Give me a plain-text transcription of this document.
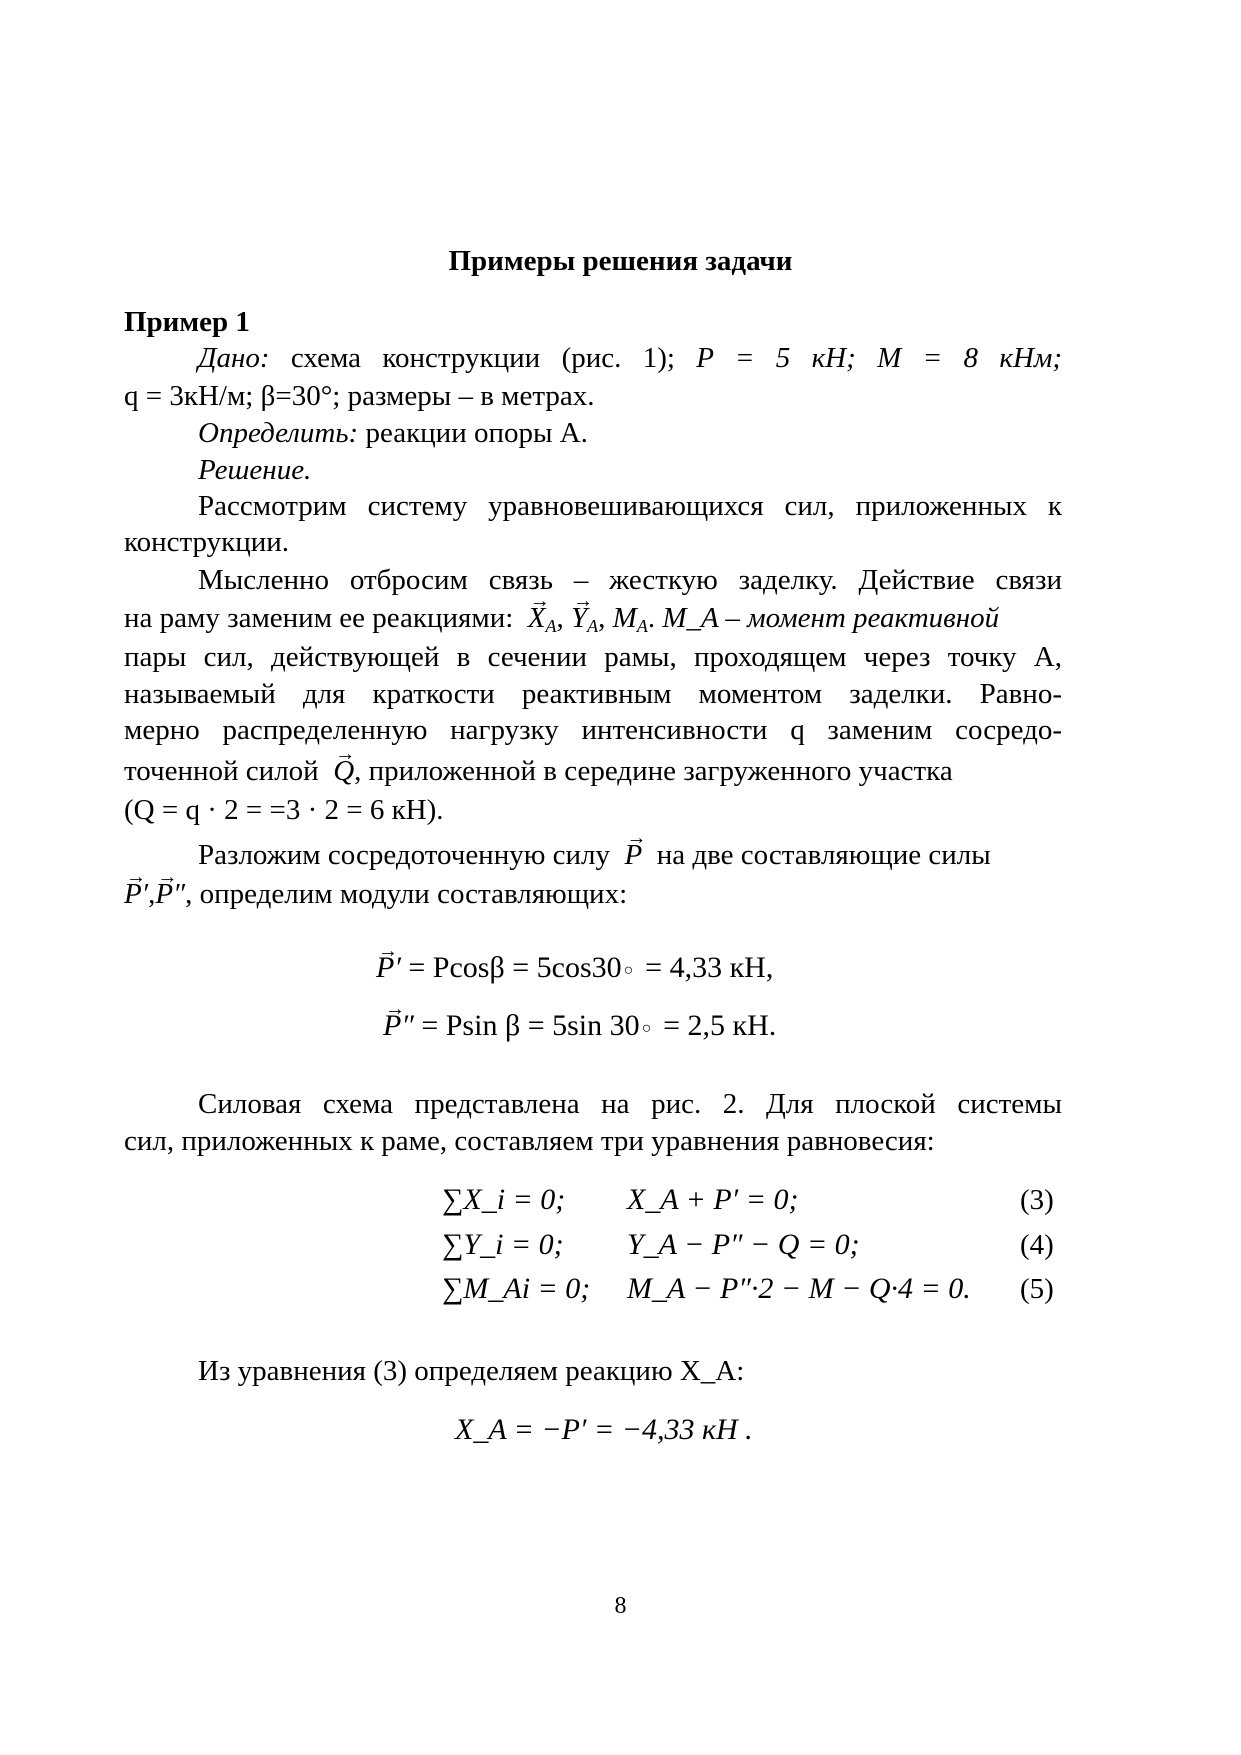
Примеры решения задачи
Пример 1
Дано: схема конструкции (рис. 1); P = 5 кН; M = 8 кНм;
q = 3кН/м; β=30°; размеры – в метрах.
Определить: реакции опоры A.
Решение.
Рассмотрим систему уравновешивающихся сил, приложенных к
конструкции.
Мысленно отбросим связь – жесткую заделку. Действие связи
на раму заменим ее реакциями: → $X_A$, → $Y_A$, $M_A$. M_A – момент реактивной
пары сил, действующей в сечении рамы, проходящем через точку A,
называемый для краткости реактивным моментом заделки. Равно-
мерно распределенную нагрузку интенсивности q заменим сосредо-
точенной силой → Q, приложенной в середине загруженного участка
(Q = q · 2 = =3 · 2 = 6 кН).
Разложим сосредоточенную силу → P на две составляющие силы
→ P′,→ P″, определим модули составляющих:
→ P′ = Pcosβ = 5cos30 = 4,33 кН,
→ P″ = Psin β = 5sin 30 = 2,5 кН.
Силовая схема представлена на рис. 2. Для плоской системы
сил, приложенных к раме, составляем три уравнения равновесия:
∑X_i = 0; X_A + P′ = 0;	(3)
∑Y_i = 0; Y_A − P″ − Q = 0;	(4)
∑M_Ai = 0; M_A − P″·2 − M − Q·4 = 0. (5)
Из уравнения (3) определяем реакцию X_A:
X_A = −P′ = −4,33 кН .
8
